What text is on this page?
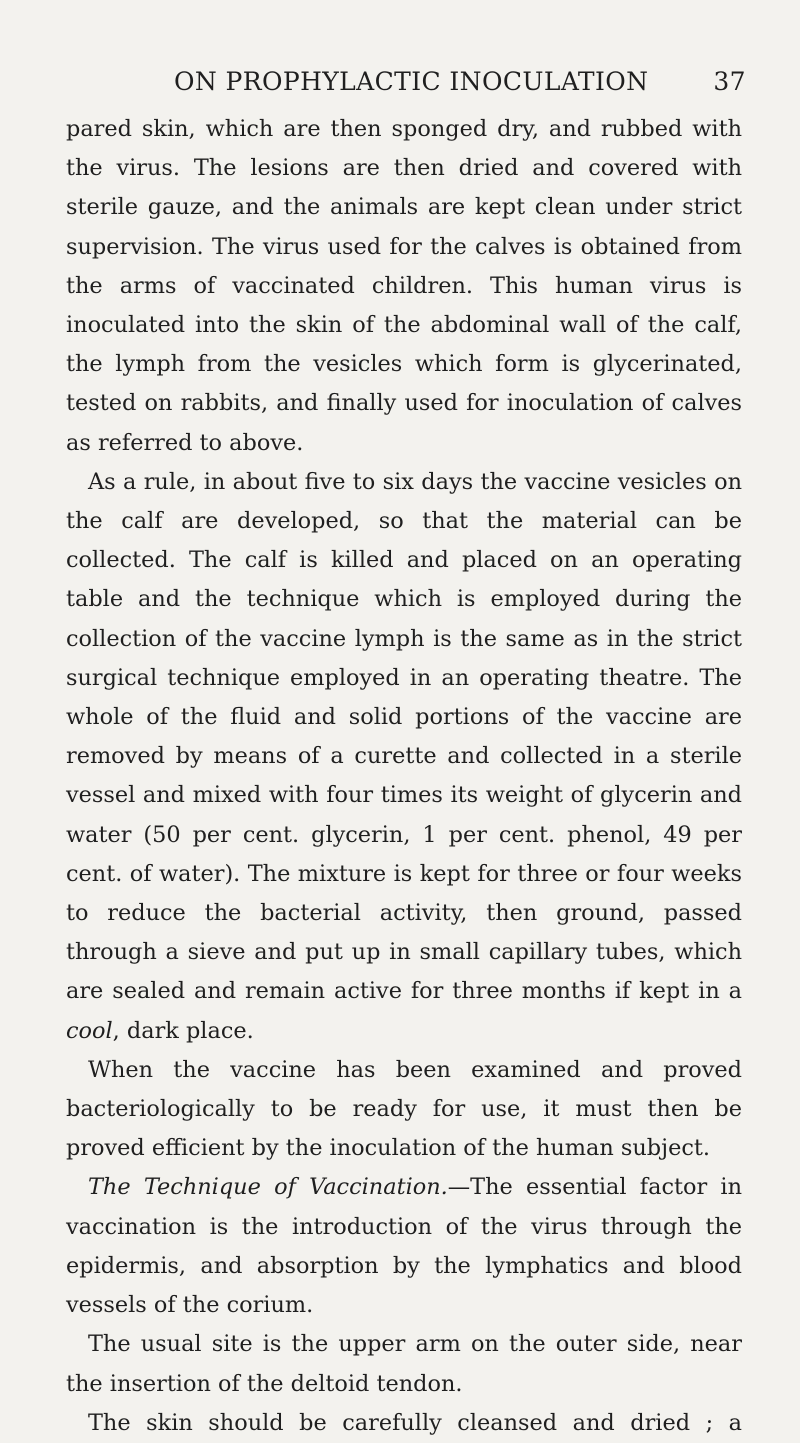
ON PROPHYLACTIC INOCULATION	37

pared skin, which are then sponged dry, and rubbed with the virus. The lesions are then dried and covered with sterile gauze, and the animals are kept clean under strict supervision. The virus used for the calves is obtained from the arms of vaccinated children. This human virus is inoculated into the skin of the abdominal wall of the calf, the lymph from the vesicles which form is glycerinated, tested on rabbits, and finally used for inoculation of calves as referred to above.

As a rule, in about five to six days the vaccine vesicles on the calf are developed, so that the material can be collected. The calf is killed and placed on an operating table and the technique which is employed during the collection of the vaccine lymph is the same as in the strict surgical technique employed in an operating theatre. The whole of the fluid and solid portions of the vaccine are removed by means of a curette and collected in a sterile vessel and mixed with four times its weight of glycerin and water (50 per cent. glycerin, 1 per cent. phenol, 49 per cent. of water). The mixture is kept for three or four weeks to reduce the bacterial activity, then ground, passed through a sieve and put up in small capillary tubes, which are sealed and remain active for three months if kept in a cool, dark place.

When the vaccine has been examined and proved bacteriologically to be ready for use, it must then be proved efficient by the inoculation of the human subject.

The Technique of Vaccination.—The essential factor in vaccination is the introduction of the virus through the epidermis, and absorption by the lymphatics and blood vessels of the corium.

The usual site is the upper arm on the outer side, near the insertion of the deltoid tendon.

The skin should be carefully cleansed and dried ; a
